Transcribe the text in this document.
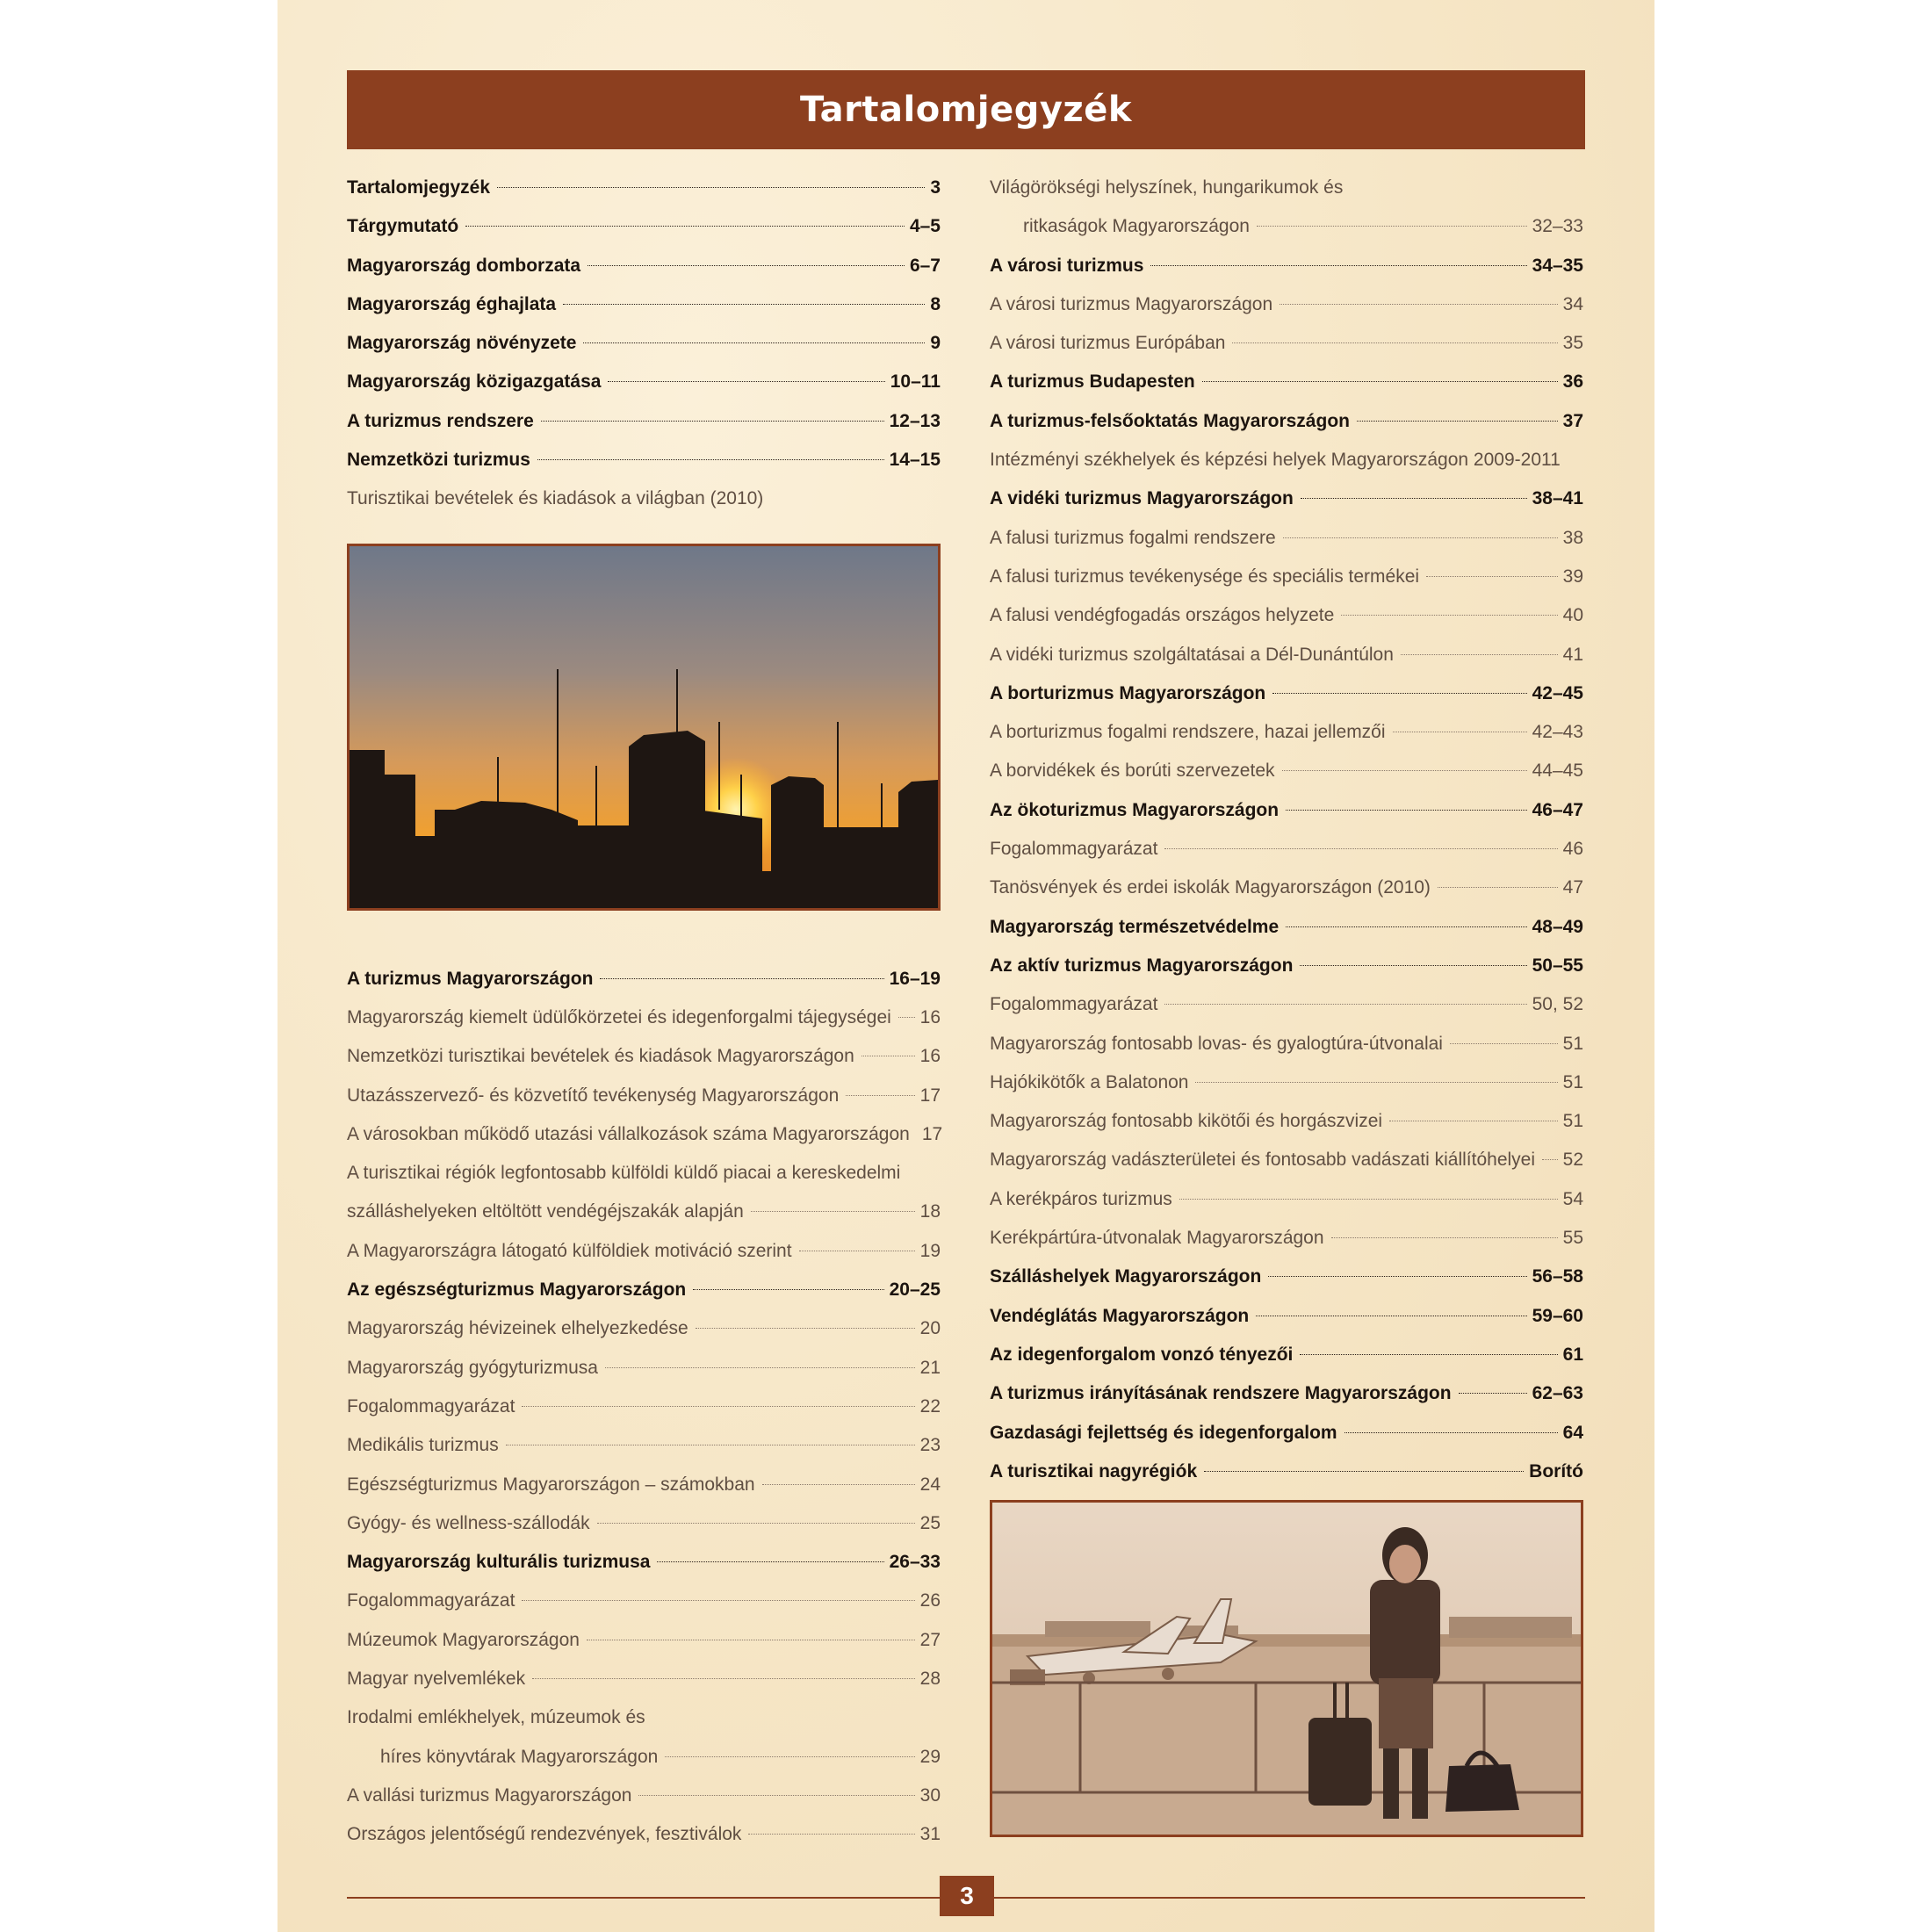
Tartalomjegyzék
Tartalomjegyzék	3
Tárgymutató	4–5
Magyarország domborzata	6–7
Magyarország éghajlata	8
Magyarország növényzete	9
Magyarország közigazgatása	10–11
A turizmus rendszere	12–13
Nemzetközi turizmus	14–15
Turisztikai bevételek és kiadások a világban (2010)
A turizmus Magyarországon	16–19
Magyarország kiemelt üdülőkörzetei és idegenforgalmi tájegységei 16
Nemzetközi turisztikai bevételek és kiadások Magyarországon	16
Utazásszervező- és közvetítő tevékenység Magyarországon	17
A városokban működő utazási vállalkozások száma Magyarországon 17
A turisztikai régiók legfontosabb külföldi küldő piacai a kereskedelmi
szálláshelyeken eltöltött vendégéjszakák alapján	18
A Magyarországra látogató külföldiek motiváció szerint	19
Az egészségturizmus Magyarországon	20–25
Magyarország hévizeinek elhelyezkedése	20
Magyarország gyógyturizmusa	21
Fogalommagyarázat	22
Medikális turizmus	23
Egészségturizmus Magyarországon – számokban	24
Gyógy- és wellness-szállodák	25
Magyarország kulturális turizmusa	26–33
Fogalommagyarázat	26
Múzeumok Magyarországon	27
Magyar nyelvemlékek	28
Irodalmi emlékhelyek, múzeumok és
híres könyvtárak Magyarországon	29
A vallási turizmus Magyarországon	30
Országos jelentőségű rendezvények, fesztiválok	31
Világörökségi helyszínek, hungarikumok és
ritkaságok Magyarországon	32–33
A városi turizmus	34–35
A városi turizmus Magyarországon	34
A városi turizmus Európában	35
A turizmus Budapesten	36
A turizmus-felsőoktatás Magyarországon	37
Intézményi székhelyek és képzési helyek Magyarországon 2009-2011
A vidéki turizmus Magyarországon	38–41
A falusi turizmus fogalmi rendszere	38
A falusi turizmus tevékenysége és speciális termékei	39
A falusi vendégfogadás országos helyzete	40
A vidéki turizmus szolgáltatásai a Dél-Dunántúlon	41
A borturizmus Magyarországon	42–45
A borturizmus fogalmi rendszere, hazai jellemzői	42–43
A borvidékek és borúti szervezetek	44–45
Az ökoturizmus Magyarországon	46–47
Fogalommagyarázat	46
Tanösvények és erdei iskolák Magyarországon (2010)	47
Magyarország természetvédelme	48–49
Az aktív turizmus Magyarországon	50–55
Fogalommagyarázat	50, 52
Magyarország fontosabb lovas- és gyalogtúra-útvonalai	51
Hajókikötők a Balatonon	51
Magyarország fontosabb kikötői és horgászvizei	51
Magyarország vadászterületei és fontosabb vadászati kiállítóhelyei 52
A kerékpáros turizmus	54
Kerékpártúra-útvonalak Magyarországon	55
Szálláshelyek Magyarországon	56–58
Vendéglátás Magyarországon	59–60
Az idegenforgalom vonzó tényezői	61
A turizmus irányításának rendszere Magyarországon	62–63
Gazdasági fejlettség és idegenforgalom	64
A turisztikai nagyrégiók	Borító
3
